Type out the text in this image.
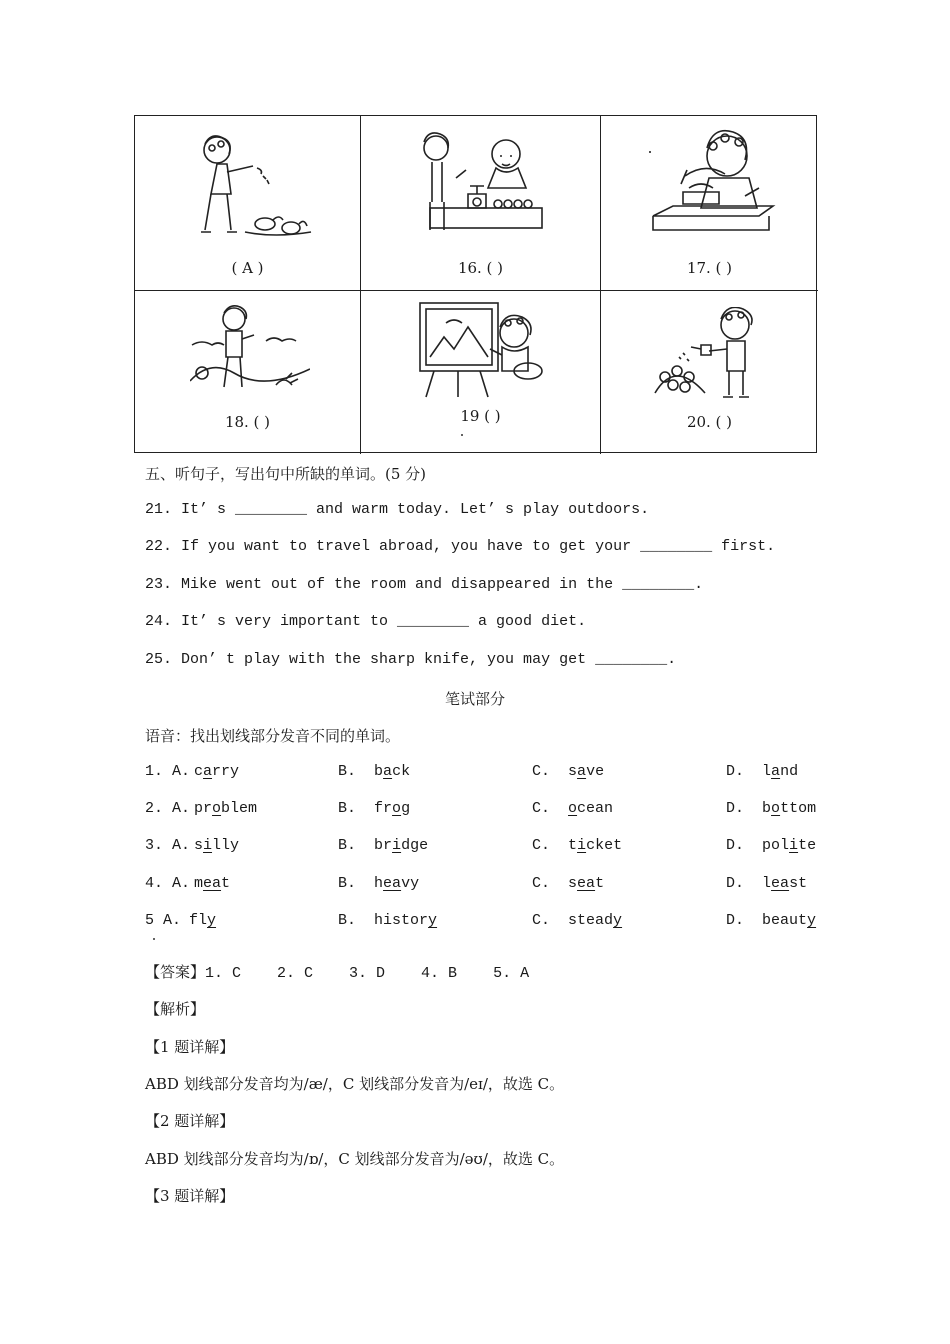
( A )	16. ( )	17. ( )
18. ( )	19 ( )	20. ( )
五、听句子，写出句中所缺的单词。(5 分)
21. It’ s ________ and warm today. Let’ s play outdoors.
22. If you want to travel abroad, you have to get your ________ first.
23. Mike went out of the room and disappeared in the ________.
24. It’ s very important to ________ a good diet.
25. Don’ t play with the sharp knife, you may get ________.
笔试部分
语音：找出划线部分发音不同的单词。
1. A. carry	B. back	C. save	D. land
2. A. problem	B. frog	C. ocean	D. bottom
3. A. silly	B. bridge	C. ticket	D. polite
4. A. meat	B. heavy	C. seat	D. least
5 A. fly	B. history	C. steady	D. beauty
【答案】1. C    2. C    3. D    4. B    5. A
【解析】
【1 题详解】
ABD 划线部分发音均为/æ/，C 划线部分发音为/eɪ/，故选 C。
【2 题详解】
ABD 划线部分发音均为/ɒ/，C 划线部分发音为/əʊ/，故选 C。
【3 题详解】
